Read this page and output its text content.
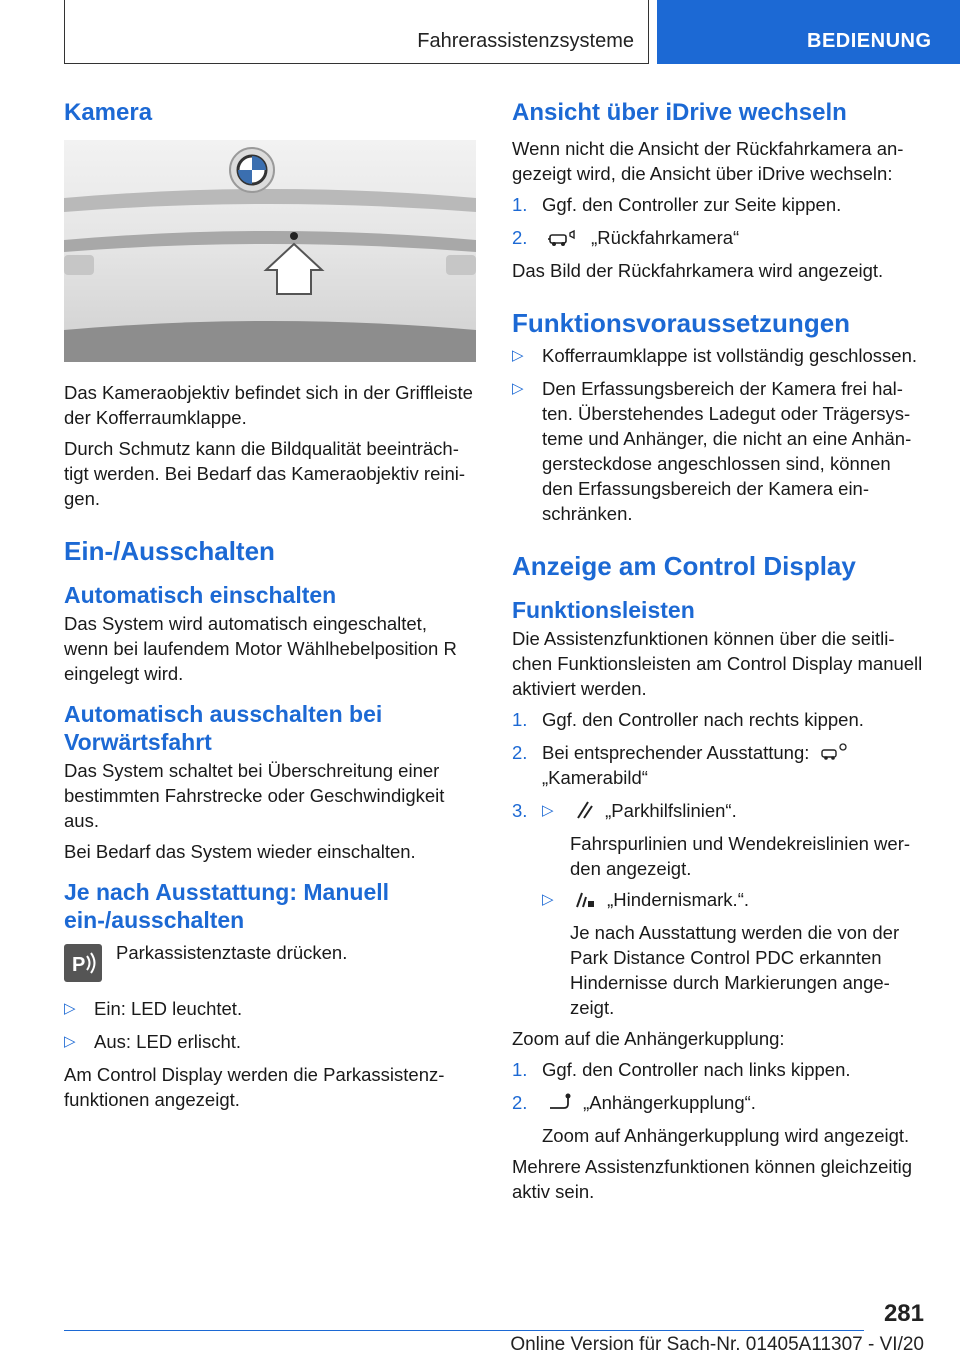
Fahrerassistenzsysteme	BEDIENUNG
Kamera

Das Kameraobjektiv befindet sich in der Griffleiste der Kofferraumklappe.

Durch Schmutz kann die Bildqualität beeinträchtigt werden. Bei Bedarf das Kameraobjektiv reinigen.

Ein-/Ausschalten
Automatisch einschalten

Das System wird automatisch eingeschaltet, wenn bei laufendem Motor Wählhebelposition R eingelegt wird.

Automatisch ausschalten bei Vorwärtsfahrt

Das System schaltet bei Überschreitung einer bestimmten Fahrstrecke oder Geschwindigkeit aus.

Bei Bedarf das System wieder einschalten.

Je nach Ausstattung: Manuell ein-/ausschalten
P
Parkassistenztaste drücken.
▷ Ein: LED leuchtet.
▷ Aus: LED erlischt.

Am Control Display werden die Parkassistenzfunktionen angezeigt.

Ansicht über iDrive wechseln

Wenn nicht die Ansicht der Rückfahrkamera angezeigt wird, die Ansicht über iDrive wechseln:

1. Ggf. den Controller zur Seite kippen.
2.	„Rückfahrkamera“

Das Bild der Rückfahrkamera wird angezeigt.

Funktionsvoraussetzungen
▷ Kofferraumklappe ist vollständig geschlossen.
▷ Den Erfassungsbereich der Kamera frei halten. Überstehendes Ladegut oder Trägersysteme und Anhänger, die nicht an eine Anhängersteckdose angeschlossen sind, können den Erfassungsbereich der Kamera einschränken.
Anzeige am Control Display
Funktionsleisten

Die Assistenzfunktionen können über die seitlichen Funktionsleisten am Control Display manuell aktiviert werden.

1. Ggf. den Controller nach rechts kippen.
2. Bei entsprechender Ausstattung:
„Kamerabild“
3. ▷	„Parkhilfslinien“.

Fahrspurlinien und Wendekreislinien werden angezeigt.

▷	„Hindernismark.“.

Je nach Ausstattung werden die von der Park Distance Control PDC erkannten Hindernisse durch Markierungen angezeigt.

Zoom auf die Anhängerkupplung:

1. Ggf. den Controller nach links kippen.
2.	„Anhängerkupplung“.

Zoom auf Anhängerkupplung wird angezeigt.

Mehrere Assistenzfunktionen können gleichzeitig aktiv sein.

281
Online Version für Sach-Nr. 01405A11307 - VI/20
